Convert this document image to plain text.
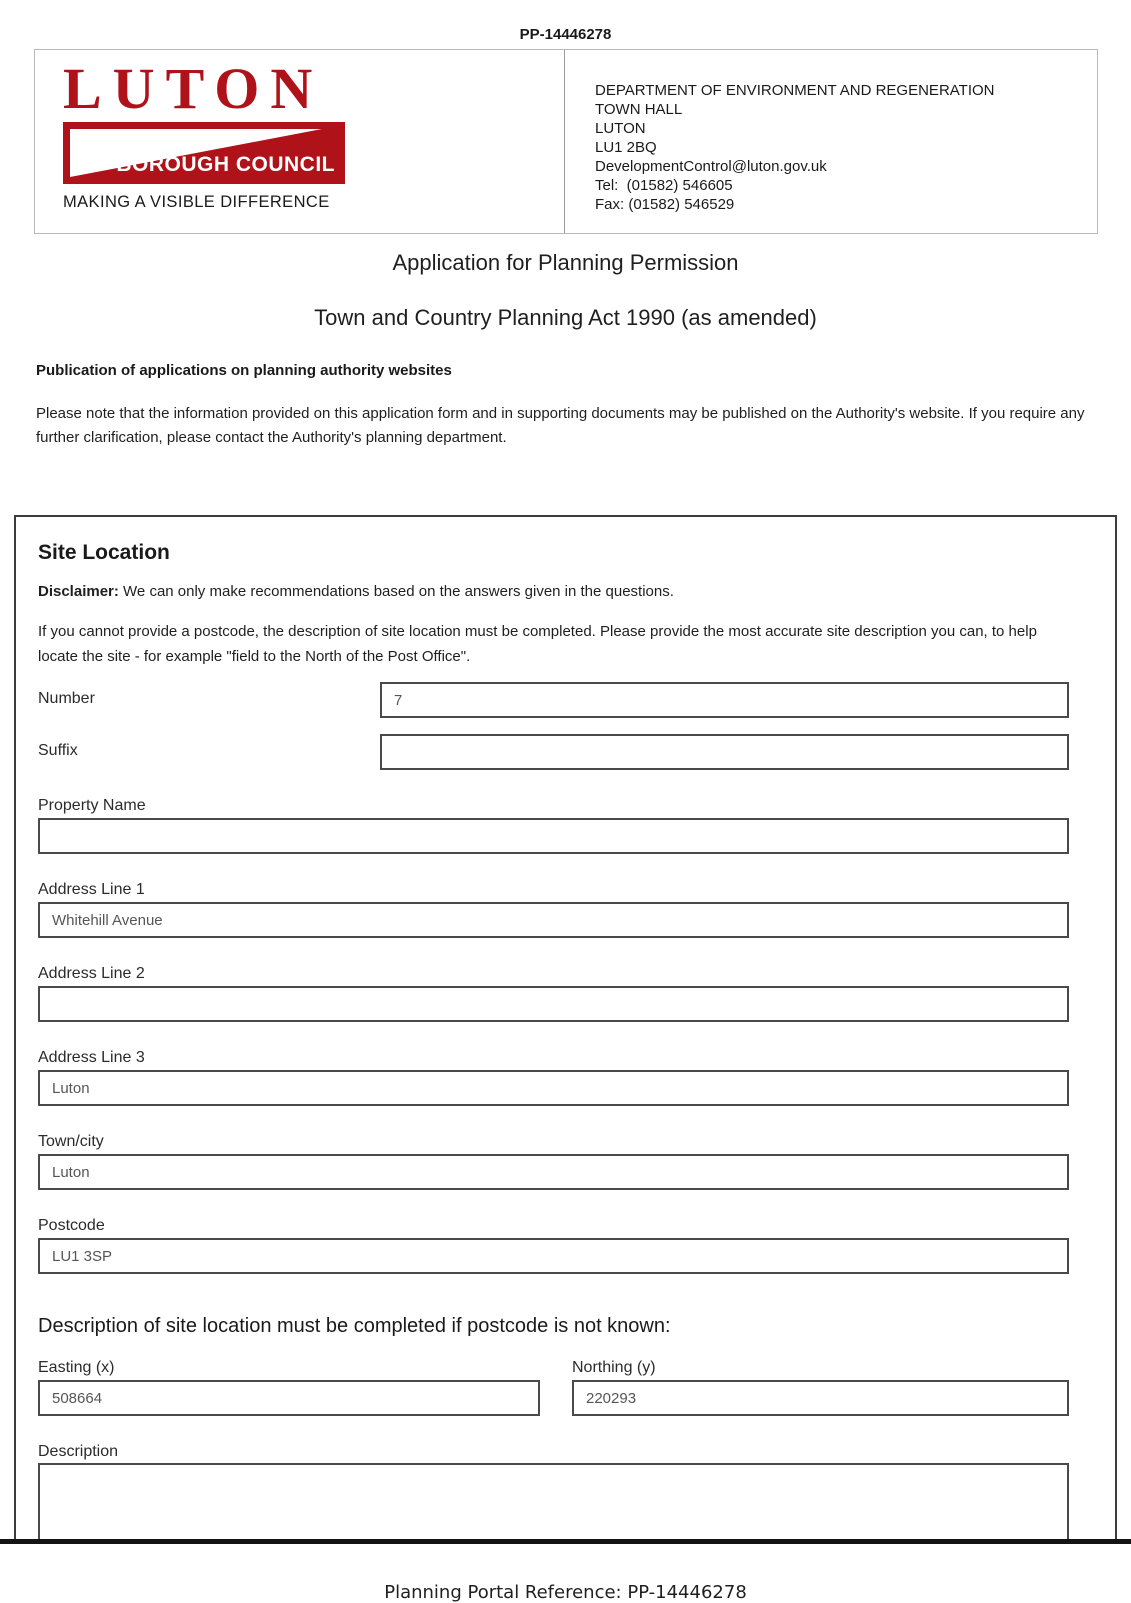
PP-14446278
LUTON
BOROUGH COUNCIL
MAKING A VISIBLE DIFFERENCE
DEPARTMENT OF ENVIRONMENT AND REGENERATION
TOWN HALL
LUTON
LU1 2BQ
DevelopmentControl@luton.gov.uk
Tel:  (01582) 546605
Fax: (01582) 546529
Application for Planning Permission
Town and Country Planning Act 1990 (as amended)
Publication of applications on planning authority websites
Please note that the information provided on this application form and in supporting documents may be published on the Authority's website. If you require any further clarification, please contact the Authority's planning department.
Site Location
Disclaimer: We can only make recommendations based on the answers given in the questions.
If you cannot provide a postcode, the description of site location must be completed. Please provide the most accurate site description you can, to help locate the site - for example "field to the North of the Post Office".
Number
7
Suffix
Property Name
Address Line 1
Whitehill Avenue
Address Line 2
Address Line 3
Luton
Town/city
Luton
Postcode
LU1 3SP
Description of site location must be completed if postcode is not known:
Easting (x)
508664	Northing (y)
220293
Description
Planning Portal Reference: PP-14446278
